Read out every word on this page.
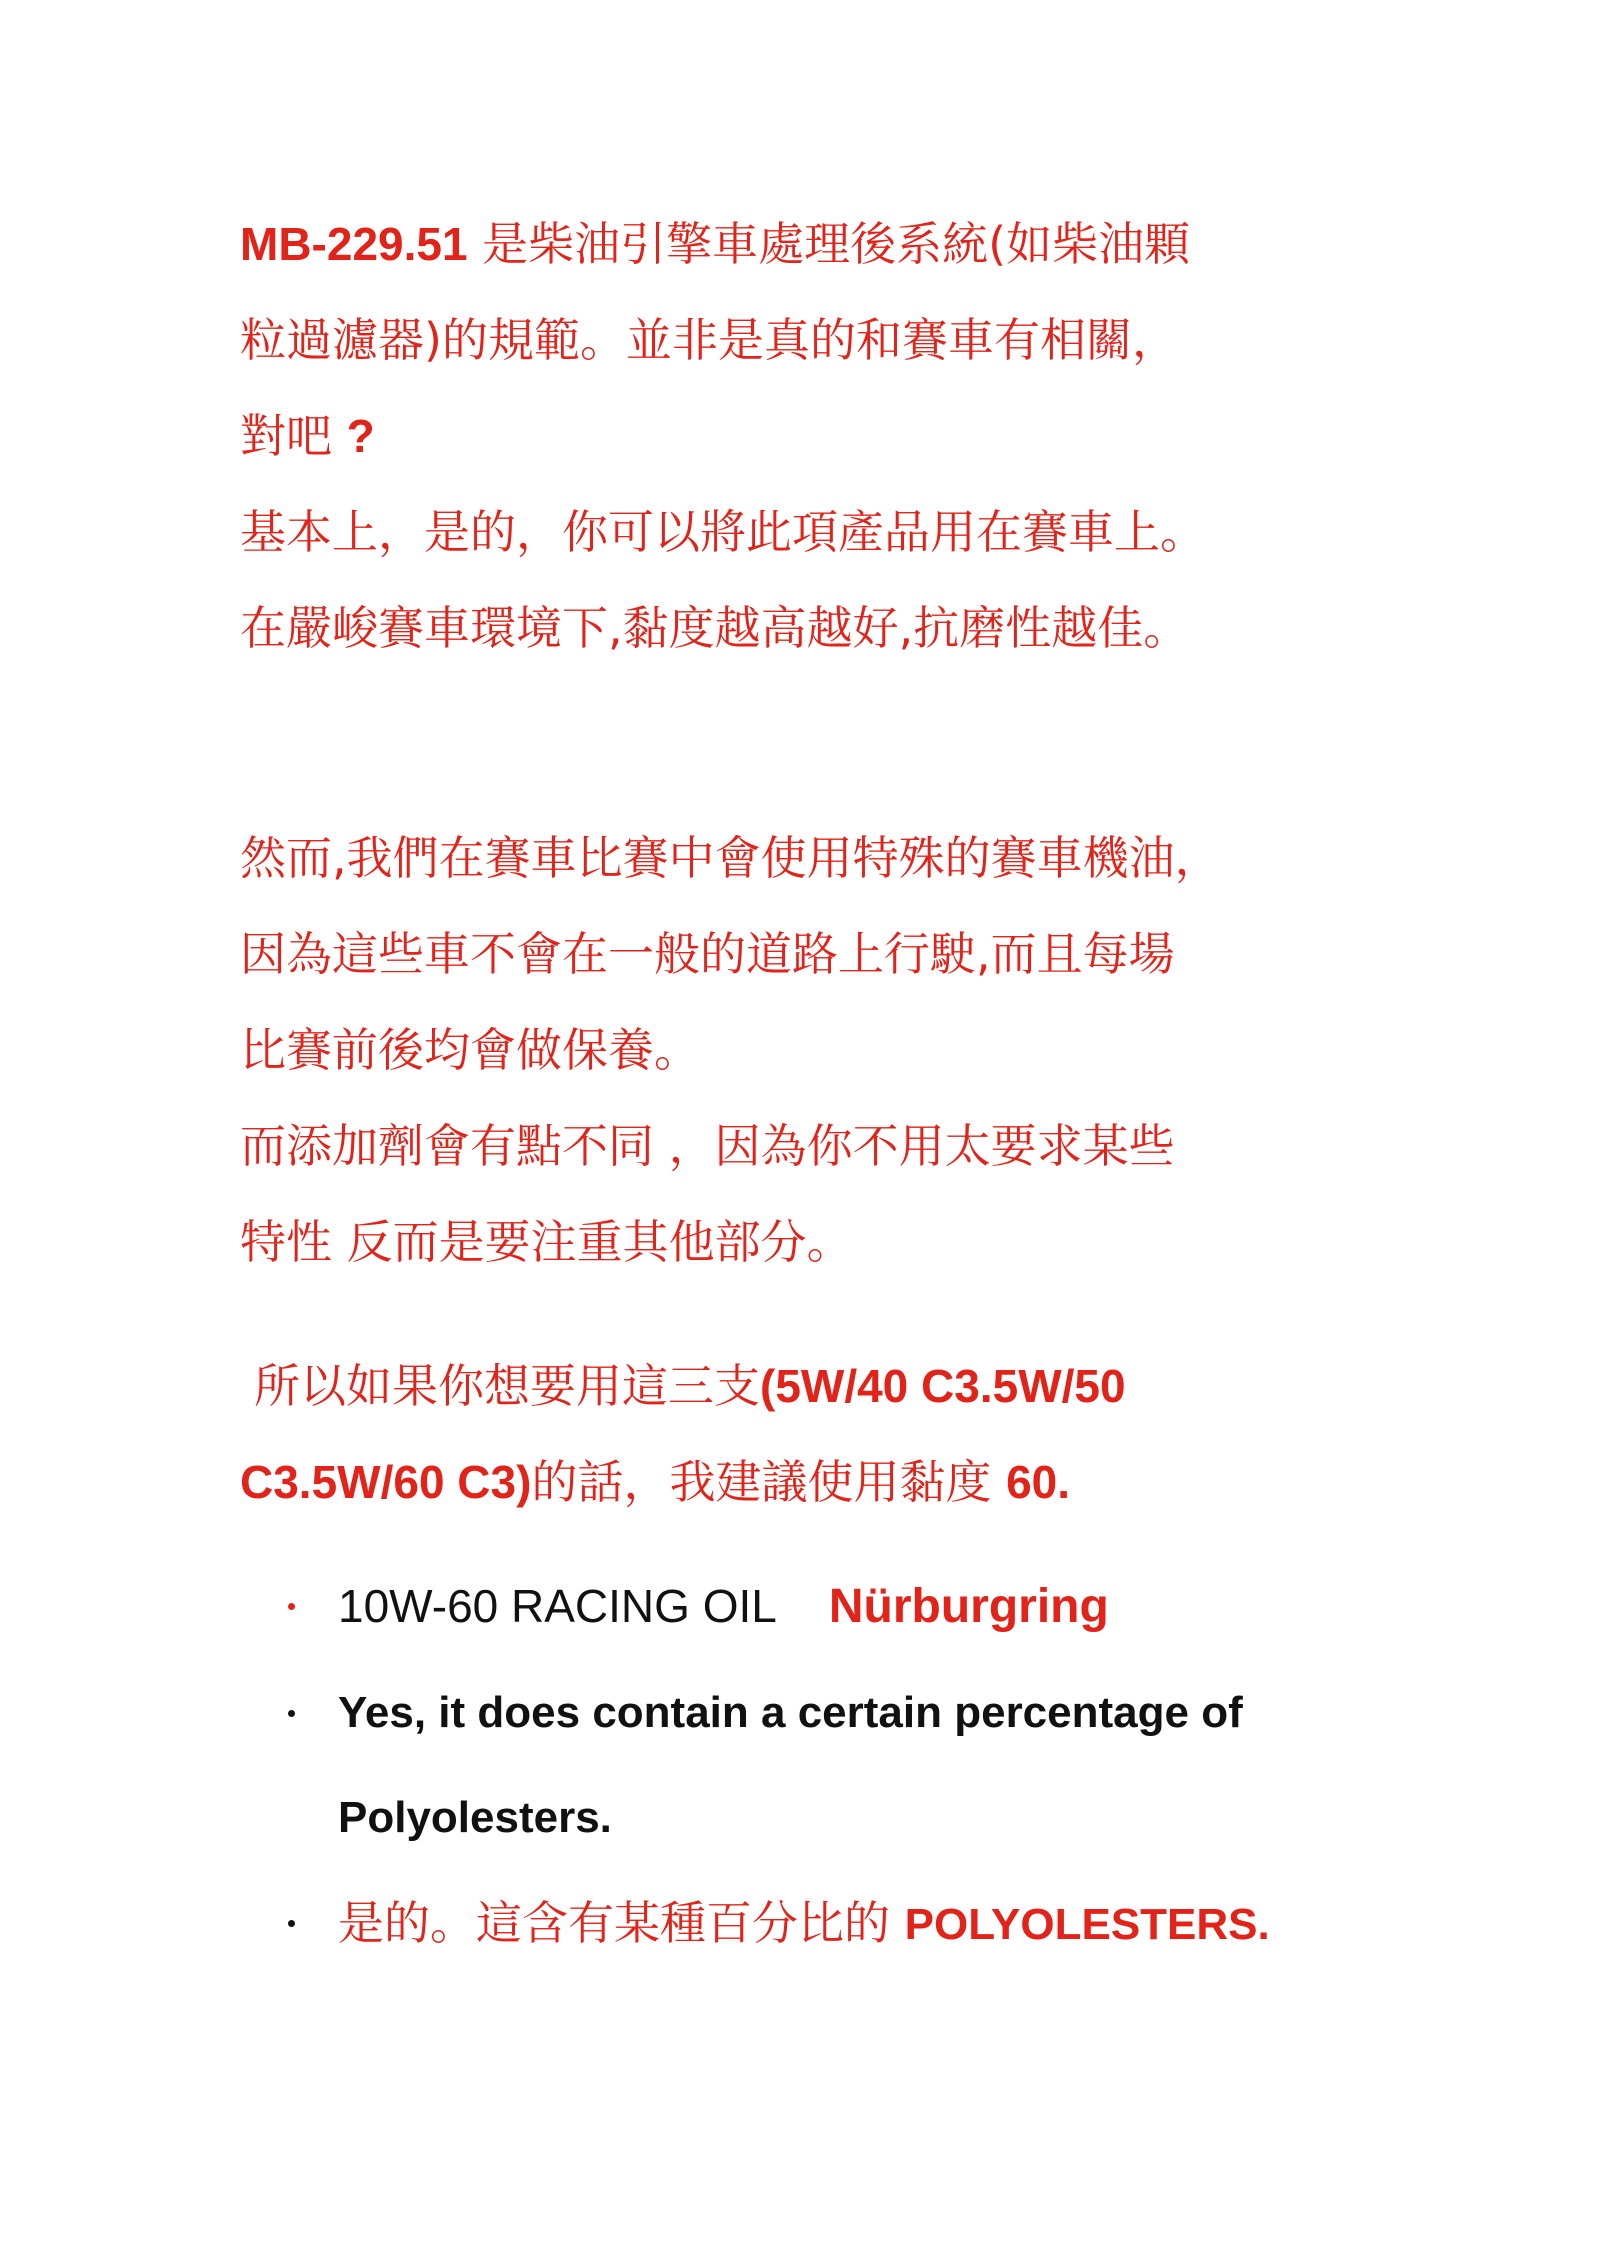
MB-229.51 是柴油引擎車處理後系統(如柴油顆
粒過濾器)的規範。並非是真的和賽車有相關，
對吧 ?
基本上，是的，你可以將此項產品用在賽車上。
在嚴峻賽車環境下,黏度越高越好,抗磨性越佳。
然而,我們在賽車比賽中會使用特殊的賽車機油，
因為這些車不會在一般的道路上行駛,而且每場
比賽前後均會做保養。
而添加劑會有點不同 ，因為你不用太要求某些
特性 反而是要注重其他部分。
所以如果你想要用這三支(5W/40 C3.5W/50
C3.5W/60 C3)的話，我建議使用黏度 60.
10W-60 RACING OIL Nürburgring
Yes, it does contain a certain percentage of
Polyolesters.
是的。這含有某種百分比的 POLYOLESTERS.
